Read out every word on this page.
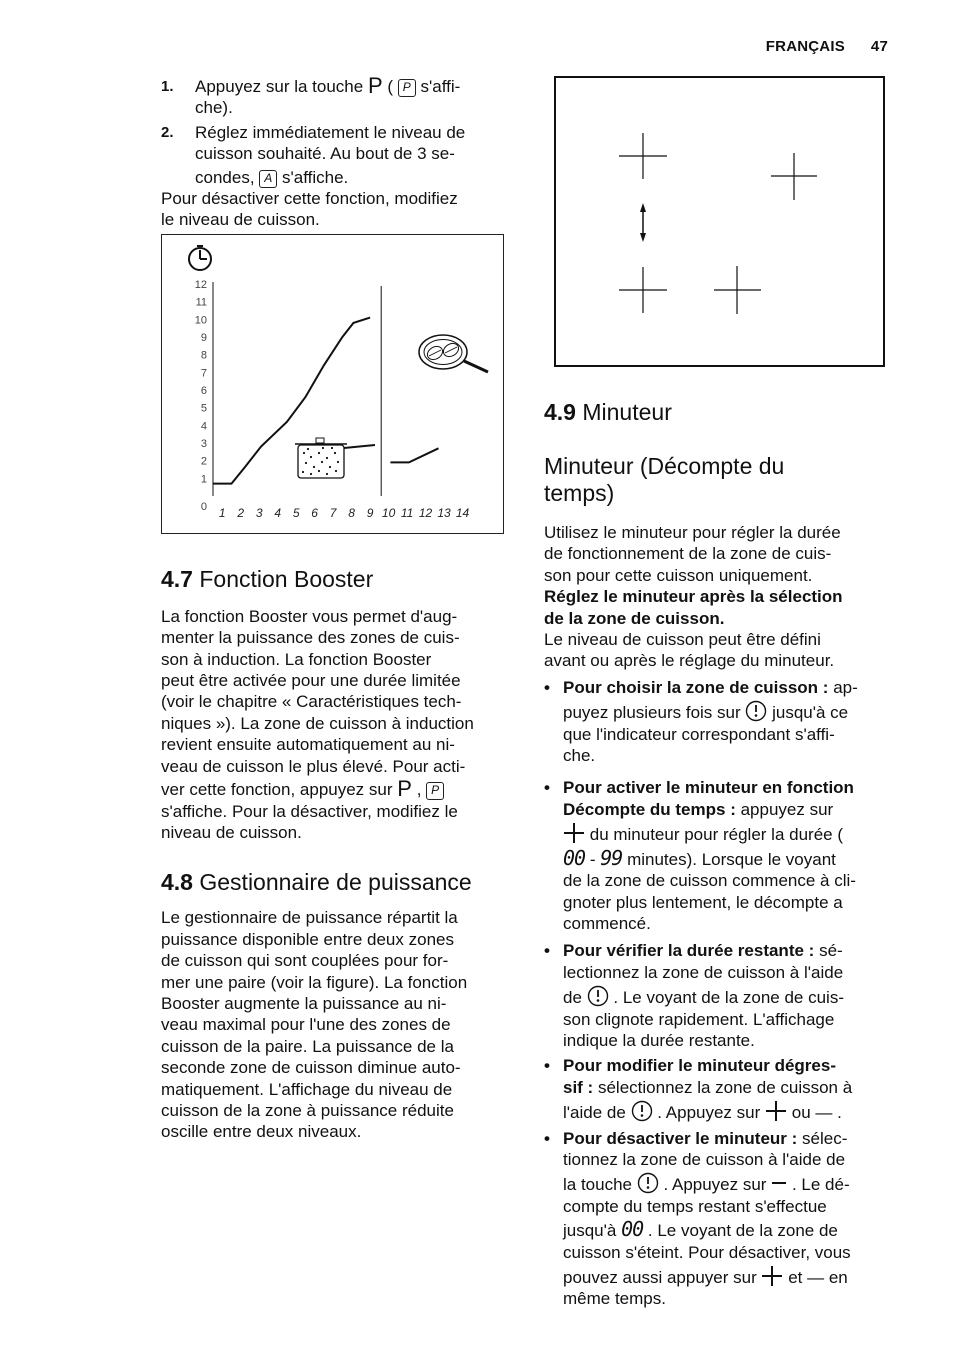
FRANÇAIS 47
1. Appuyez sur la touche P ( P s'affi-
che).
2. Réglez immédiatement le niveau de
cuisson souhaité. Au bout de 3 se-
condes, A s'affiche.
Pour désactiver cette fonction, modifiez
le niveau de cuisson.
0
1
2
3
4
5
6
7
8
9
10
11
12
1 2 3 4 5 6 7 8 9 10 11 12 13 14
4.7 Fonction Booster
La fonction Booster vous permet d'aug-
menter la puissance des zones de cuis-
son à induction. La fonction Booster
peut être activée pour une durée limitée
(voir le chapitre « Caractéristiques tech-
niques »). La zone de cuisson à induction
revient ensuite automatiquement au ni-
veau de cuisson le plus élevé. Pour acti-
ver cette fonction, appuyez sur P , P
s'affiche. Pour la désactiver, modifiez le
niveau de cuisson.
4.8 Gestionnaire de puissance
Le gestionnaire de puissance répartit la
puissance disponible entre deux zones
de cuisson qui sont couplées pour for-
mer une paire (voir la figure). La fonction
Booster augmente la puissance au ni-
veau maximal pour l'une des zones de
cuisson de la paire. La puissance de la
seconde zone de cuisson diminue auto-
matiquement. L'affichage du niveau de
cuisson de la zone à puissance réduite
oscille entre deux niveaux.
4.9 Minuteur
Minuteur (Décompte du
temps)
Utilisez le minuteur pour régler la durée
de fonctionnement de la zone de cuis-
son pour cette cuisson uniquement.
Réglez le minuteur après la sélection
de la zone de cuisson.
Le niveau de cuisson peut être défini
avant ou après le réglage du minuteur.
• Pour choisir la zone de cuisson : ap-
puyez plusieurs fois sur jusqu'à ce
que l'indicateur correspondant s'affi-
che.
• Pour activer le minuteur en fonction
Décompte du temps : appuyez sur
du minuteur pour régler la durée (
00 - 99 minutes). Lorsque le voyant
de la zone de cuisson commence à cli-
gnoter plus lentement, le décompte a
commencé.
• Pour vérifier la durée restante : sé-
lectionnez la zone de cuisson à l'aide
de . Le voyant de la zone de cuis-
son clignote rapidement. L'affichage
indique la durée restante.
• Pour modifier le minuteur dégres-
sif : sélectionnez la zone de cuisson à
l'aide de . Appuyez sur ou — .
• Pour désactiver le minuteur : sélec-
tionnez la zone de cuisson à l'aide de
la touche . Appuyez sur . Le dé-
compte du temps restant s'effectue
jusqu'à 00 . Le voyant de la zone de
cuisson s'éteint. Pour désactiver, vous
pouvez aussi appuyer sur et — en
même temps.
